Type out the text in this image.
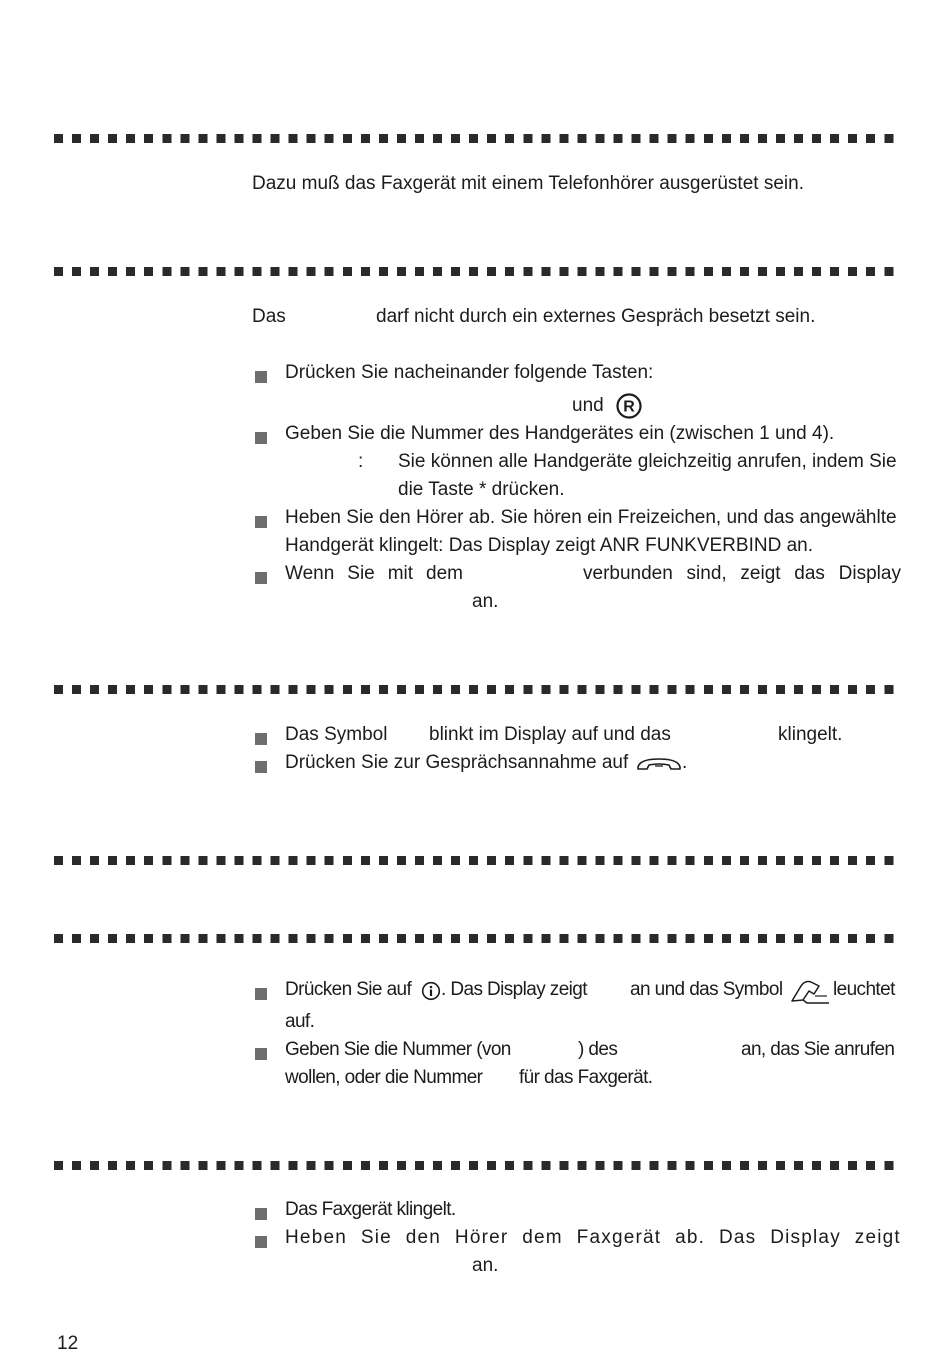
Dazu muß das Faxgerät mit einem Telefonhörer ausgerüstet sein.
Das	darf nicht durch ein externes Gespräch besetzt sein.
Drücken Sie nacheinander folgende Tasten:
und R
Geben Sie die Nummer des Handgerätes ein (zwischen 1 und 4).
: Sie können alle Handgeräte gleichzeitig anrufen, indem Sie
die Taste * drücken.
Heben Sie den Hörer ab. Sie hören ein Freizeichen, und das angewählte
Handgerät klingelt: Das Display zeigt ANR FUNKVERBIND an.
Wenn Sie mit dem	verbunden sind, zeigt das Display
an.
Das Symbol blinkt im Display auf und das	klingelt.
Drücken Sie zur Gesprächsannahme auf	.
Drücken Sie auf . Das Display zeigt an und das Symbol	leuchtet
auf.
Geben Sie die Nummer (von	) des	an, das Sie anrufen
wollen, oder die Nummer für das Faxgerät.
Das Faxgerät klingelt.
Heben Sie den Hörer dem Faxgerät ab. Das Display zeigt
an.
12
